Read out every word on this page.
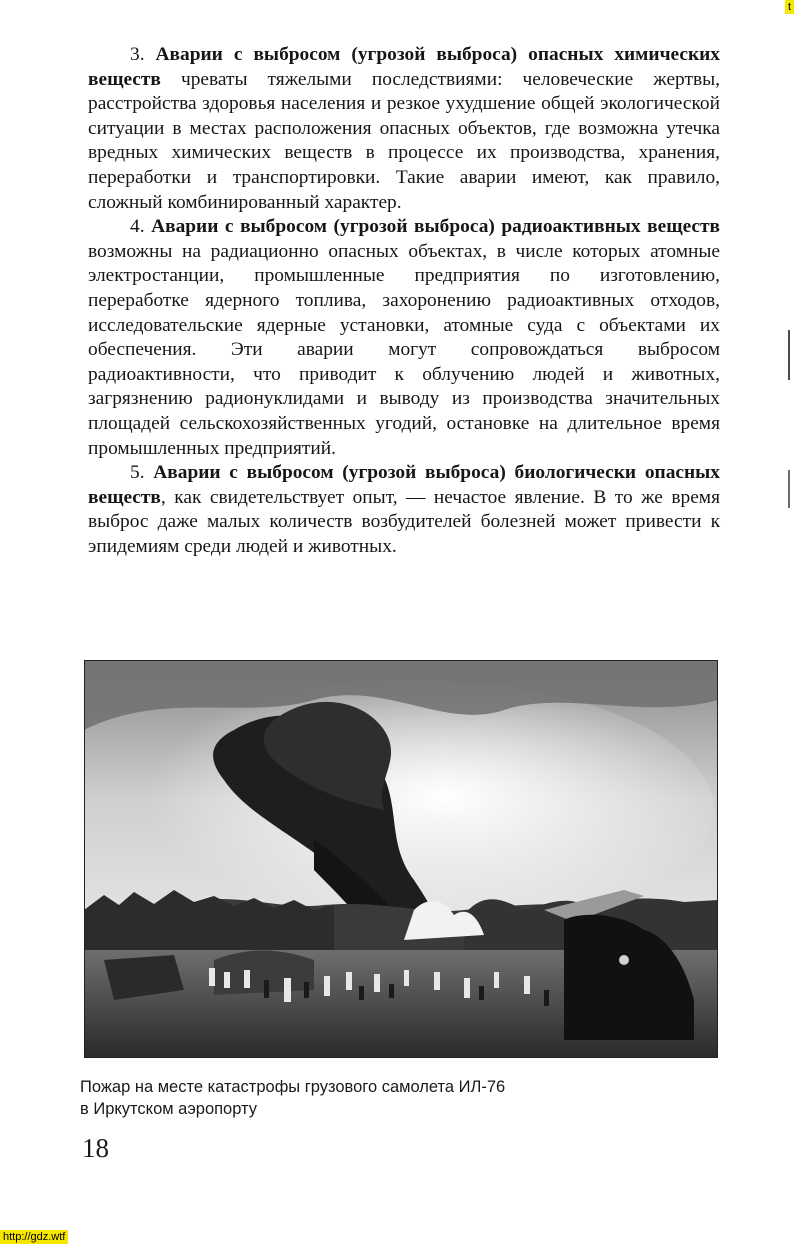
t

3. Аварии с выбросом (угрозой выброса) опасных химических веществ чреваты тяжелыми последствиями: человеческие жертвы, расстройства здоровья населения и резкое ухудшение общей экологической ситуации в местах расположения опасных объектов, где возможна утечка вредных химических веществ в процессе их производства, хранения, переработки и транспортировки. Такие аварии имеют, как правило, сложный комбинированный характер.

4. Аварии с выбросом (угрозой выброса) радиоактивных веществ возможны на радиационно опасных объектах, в числе которых атомные электростанции, промышленные предприятия по изготовлению, переработке ядерного топлива, захоронению радиоактивных отходов, исследовательские ядерные установки, атомные суда с объектами их обеспечения. Эти аварии могут сопровождаться выбросом радиоактивности, что приводит к облучению людей и животных, загрязнению радионуклидами и выводу из производства значительных площадей сельскохозяйственных угодий, остановке на длительное время промышленных предприятий.

5. Аварии с выбросом (угрозой выброса) биологически опасных веществ, как свидетельствует опыт, — нечастое явление. В то же время выброс даже малых количеств возбудителей болезней может привести к эпидемиям среди людей и животных.

Пожар на месте катастрофы грузового самолета ИЛ-76
в Иркутском аэропорту
18
http://gdz.wtf
